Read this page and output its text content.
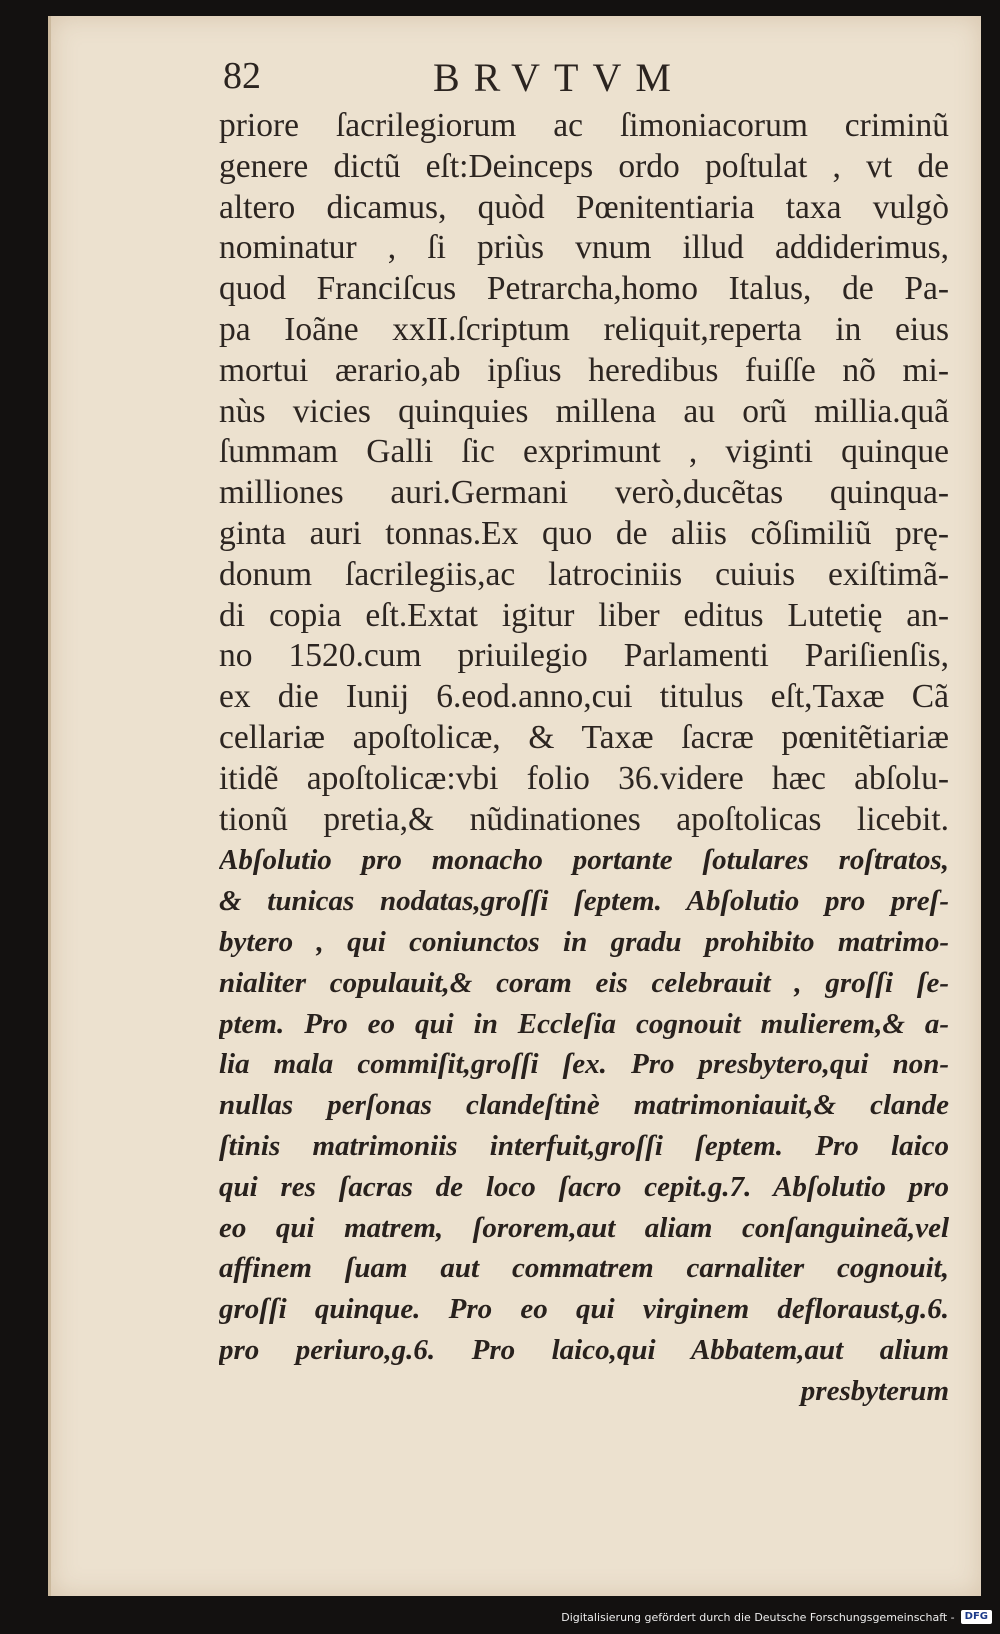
82	BRVTVM
priore ſacrilegiorum ac ſimoniacorum criminũ
genere dictũ eſt:Deinceps ordo poſtulat , vt de
altero dicamus, quòd Pœnitentiaria taxa vulgò
nominatur , ſi priùs vnum illud addiderimus,
quod Franciſcus Petrarcha,homo Italus, de Pa-
pa Ioãne xxII.ſcriptum reliquit,reperta in eius
mortui ærario,ab ipſius heredibus fuiſſe nõ mi-
nùs vicies quinquies millena au orũ millia.quã
ſummam Galli ſic exprimunt , viginti quinque
milliones auri.Germani verò,ducẽtas quinqua-
ginta auri tonnas.Ex quo de aliis cõſimiliũ prę-
donum ſacrilegiis,ac latrociniis cuiuis exiſtimã-
di copia eſt.Extat igitur liber editus Lutetię an-
no 1520.cum priuilegio Parlamenti Pariſienſis,
ex die Iunij 6.eod.anno,cui titulus eſt,Taxæ Cã
cellariæ apoſtolicæ, & Taxæ ſacræ pœnitẽtiariæ
itidẽ apoſtolicæ:vbi folio 36.videre hæc abſolu-
tionũ pretia,& nũdinationes apoſtolicas licebit.
Abſolutio pro monacho portante ſotulares roſtratos,
& tunicas nodatas,groſſi ſeptem. Abſolutio pro preſ-
bytero , qui coniunctos in gradu prohibito matrimo-
nialiter copulauit,& coram eis celebrauit , groſſi ſe-
ptem. Pro eo qui in Eccleſia cognouit mulierem,& a-
lia mala commiſit,groſſi ſex. Pro presbytero,qui non-
nullas perſonas clandeſtinè matrimoniauit,& clande
ſtinis matrimoniis interfuit,groſſi ſeptem. Pro laico
qui res ſacras de loco ſacro cepit.g.7. Abſolutio pro
eo qui matrem, ſororem,aut aliam conſanguineã,vel
affinem ſuam aut commatrem carnaliter cognouit,
groſſi quinque. Pro eo qui virginem defloraust,g.6.
pro periuro,g.6. Pro laico,qui Abbatem,aut alium
presbyterum
Digitalisierung gefördert durch die Deutsche Forschungsgemeinschaft -	DFG
